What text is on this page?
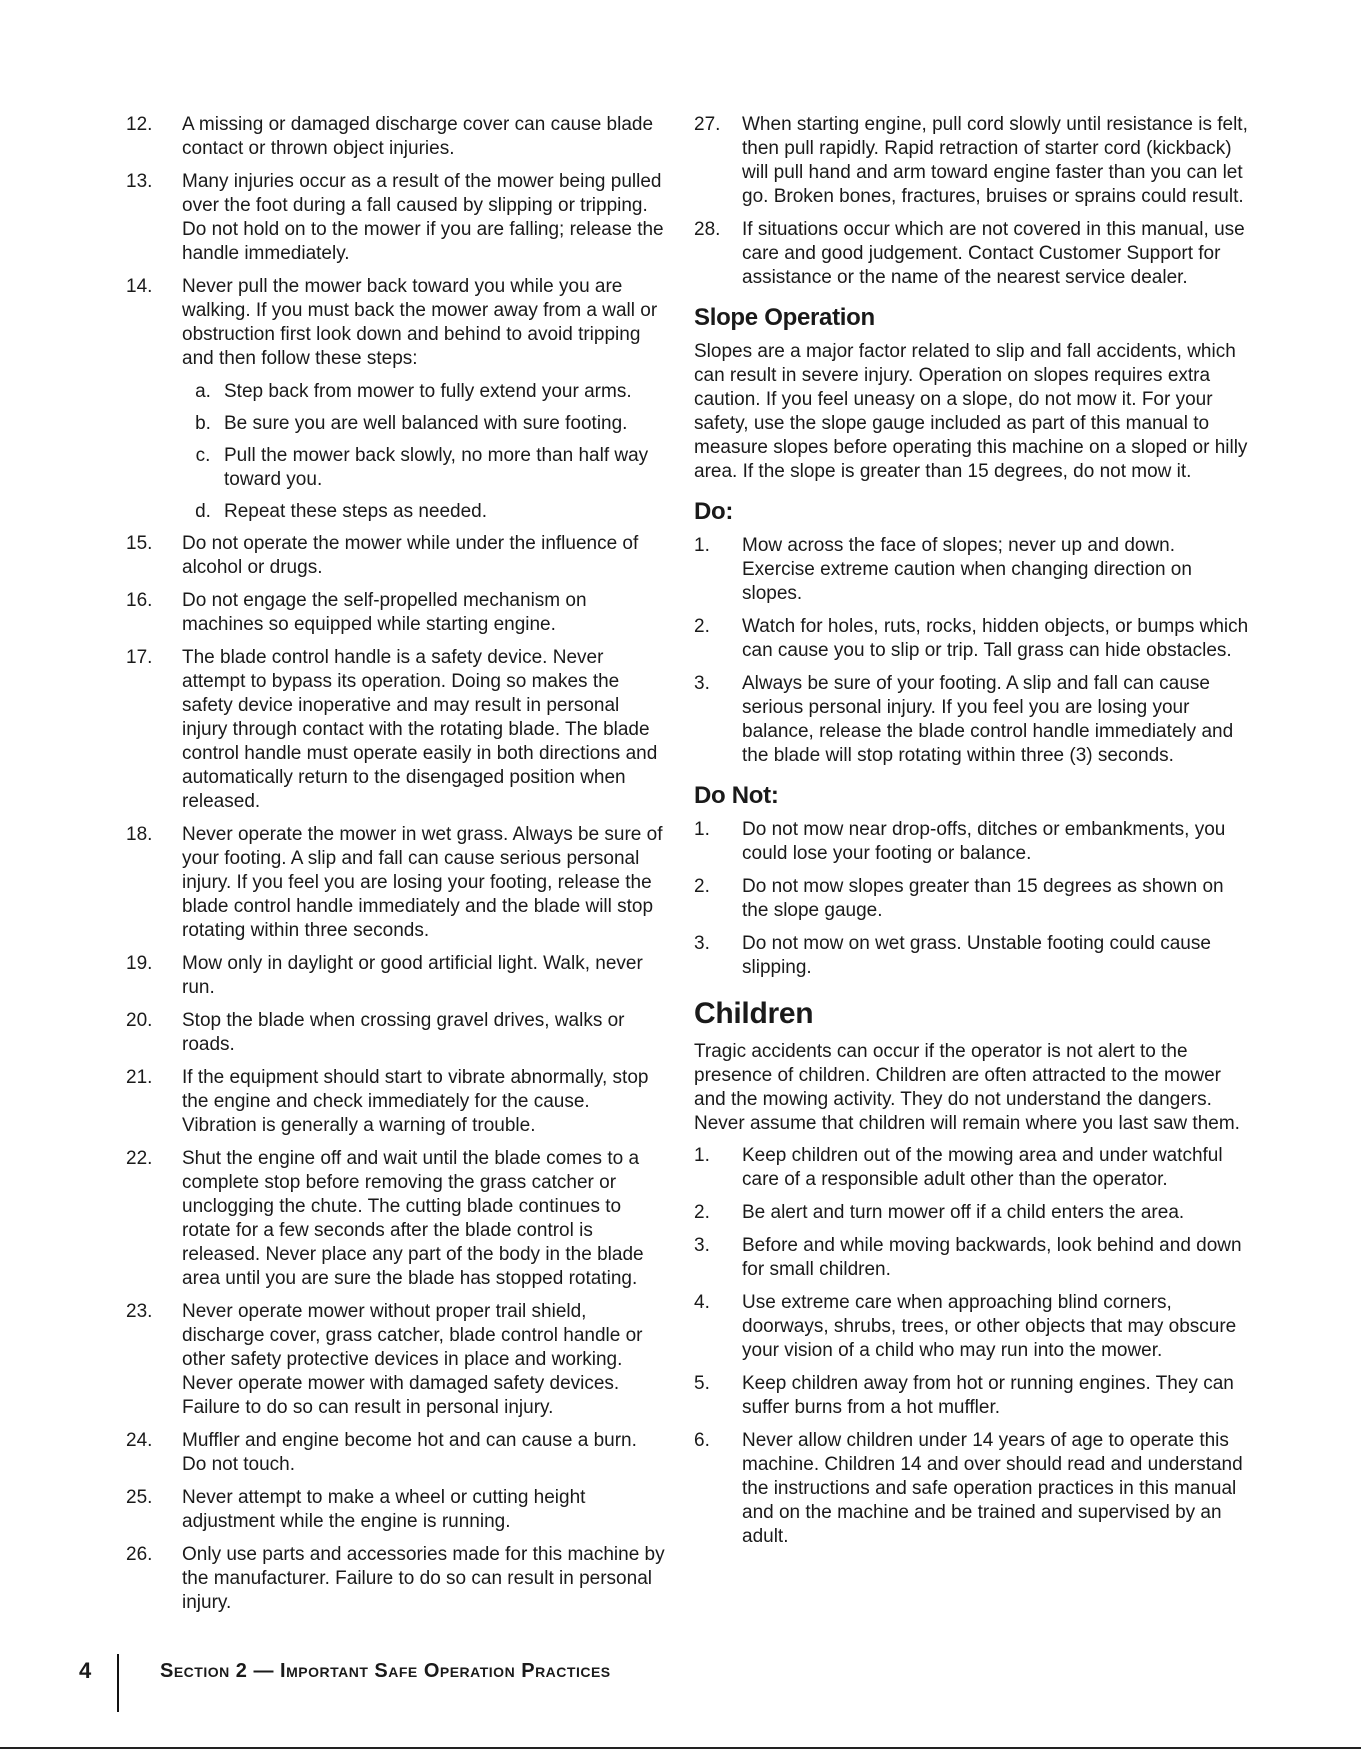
12.	A missing or damaged discharge cover can cause blade contact or thrown object injuries.
13.	Many injuries occur as a result of the mower being pulled over the foot during a fall caused by slipping or tripping. Do not hold on to the mower if you are falling; release the handle immediately.
14.	Never pull the mower back toward you while you are walking. If you must back the mower away from a wall or obstruction first look down and behind to avoid tripping and then follow these steps:
a. Step back from mower to fully extend your arms.
b. Be sure you are well balanced with sure footing.
c. Pull the mower back slowly, no more than half way toward you.
d. Repeat these steps as needed.
15.	Do not operate the mower while under the influence of alcohol or drugs.
16.	Do not engage the self-propelled mechanism on machines so equipped while starting engine.
17.	The blade control handle is a safety device. Never attempt to bypass its operation. Doing so makes the safety device inoperative and may result in personal injury through contact with the rotating blade. The blade control handle must operate easily in both directions and automatically return to the disengaged position when released.
18.	Never operate the mower in wet grass. Always be sure of your footing. A slip and fall can cause serious personal injury. If you feel you are losing your footing, release the blade control handle immediately and the blade will stop rotating within three seconds.
19.	Mow only in daylight or good artificial light. Walk, never run.
20.	Stop the blade when crossing gravel drives, walks or roads.
21.	If the equipment should start to vibrate abnormally, stop the engine and check immediately for the cause. Vibration is generally a warning of trouble.
22.	Shut the engine off and wait until the blade comes to a complete stop before removing the grass catcher or unclogging the chute. The cutting blade continues to rotate for a few seconds after the blade control is released. Never place any part of the body in the blade area until you are sure the blade has stopped rotating.
23.	Never operate mower without proper trail shield, discharge cover, grass catcher, blade control handle or other safety protective devices in place and working. Never operate mower with damaged safety devices. Failure to do so can result in personal injury.
24.	Muffler and engine become hot and can cause a burn. Do not touch.
25.	Never attempt to make a wheel or cutting height adjustment while the engine is running.
26.	Only use parts and accessories made for this machine by the manufacturer. Failure to do so can result in personal injury.
27.	When starting engine, pull cord slowly until resistance is felt, then pull rapidly. Rapid retraction of starter cord (kickback) will pull hand and arm toward engine faster than you can let go. Broken bones, fractures, bruises or sprains could result.
28.	If situations occur which are not covered in this manual, use care and good judgement. Contact Customer Support for assistance or the name of the nearest service dealer.
Slope Operation
Slopes are a major factor related to slip and fall accidents, which can result in severe injury. Operation on slopes requires extra caution. If you feel uneasy on a slope, do not mow it. For your safety, use the slope gauge included as part of this manual to measure slopes before operating this machine on a sloped or hilly area. If the slope is greater than 15 degrees, do not mow it.
Do:
1.	Mow across the face of slopes; never up and down. Exercise extreme caution when changing direction on slopes.
2.	Watch for holes, ruts, rocks, hidden objects, or bumps which can cause you to slip or trip. Tall grass can hide obstacles.
3.	Always be sure of your footing. A slip and fall can cause serious personal injury. If you feel you are losing your balance, release the blade control handle immediately and the blade will stop rotating within three (3) seconds.
Do Not:
1.	Do not mow near drop-offs, ditches or embankments, you could lose your footing or balance.
2.	Do not mow slopes greater than 15 degrees as shown on the slope gauge.
3.	Do not mow on wet grass. Unstable footing could cause slipping.
Children
Tragic accidents can occur if the operator is not alert to the presence of children. Children are often attracted to the mower and the mowing activity. They do not understand the dangers. Never assume that children will remain where you last saw them.
1.	Keep children out of the mowing area and under watchful care of a responsible adult other than the operator.
2.	Be alert and turn mower off if a child enters the area.
3.	Before and while moving backwards, look behind and down for small children.
4.	Use extreme care when approaching blind corners, doorways, shrubs, trees, or other objects that may obscure your vision of a child who may run into the mower.
5.	Keep children away from hot or running engines. They can suffer burns from a hot muffler.
6.	Never allow children under 14 years of age to operate this machine. Children 14 and over should read and understand the instructions and safe operation practices in this manual and on the machine and be trained and supervised by an adult.
4	Section 2 — Important Safe Operation Practices
